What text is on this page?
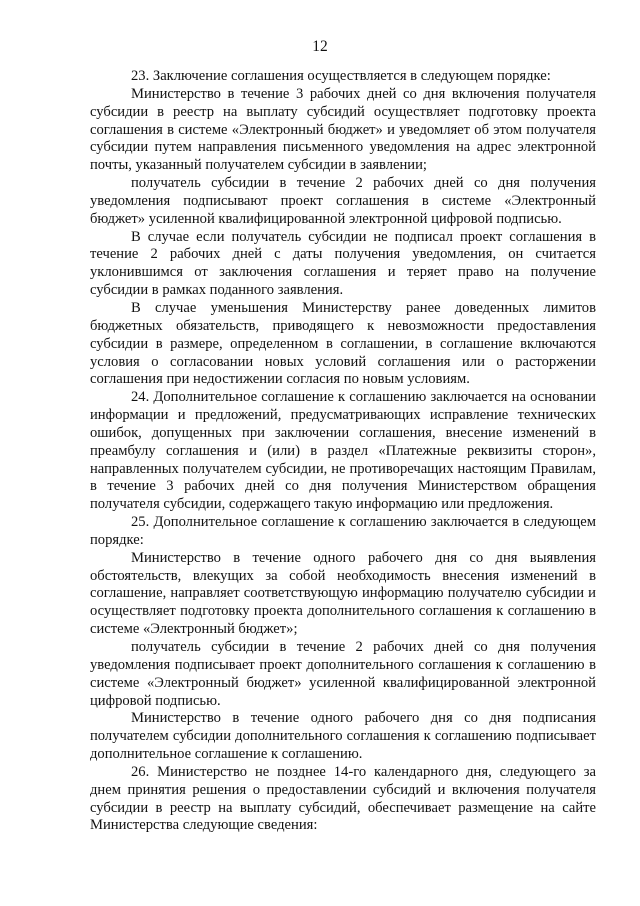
12

23. Заключение соглашения осуществляется в следующем порядке:

Министерство в течение 3 рабочих дней со дня включения получателя субсидии в реестр на выплату субсидий осуществляет подготовку проекта соглашения в системе «Электронный бюджет» и уведомляет об этом получателя субсидии путем направления письменного уведомления на адрес электронной почты, указанный получателем субсидии в заявлении;

получатель субсидии в течение 2 рабочих дней со дня получения уведомления подписывают проект соглашения в системе «Электронный бюджет» усиленной квалифицированной электронной цифровой подписью.

В случае если получатель субсидии не подписал проект соглашения в течение 2 рабочих дней с даты получения уведомления, он считается уклонившимся от заключения соглашения и теряет право на получение субсидии в рамках поданного заявления.

В случае уменьшения Министерству ранее доведенных лимитов бюджетных обязательств, приводящего к невозможности предоставления субсидии в размере, определенном в соглашении, в соглашение включаются условия о согласовании новых условий соглашения или о расторжении соглашения при недостижении согласия по новым условиям.

24. Дополнительное соглашение к соглашению заключается на основании информации и предложений, предусматривающих исправление технических ошибок, допущенных при заключении соглашения, внесение изменений в преамбулу соглашения и (или) в раздел «Платежные реквизиты сторон», направленных получателем субсидии, не противоречащих настоящим Правилам, в течение 3 рабочих дней со дня получения Министерством обращения получателя субсидии, содержащего такую информацию или предложения.

25. Дополнительное соглашение к соглашению заключается в следующем порядке:

Министерство в течение одного рабочего дня со дня выявления обстоятельств, влекущих за собой необходимость внесения изменений в соглашение, направляет соответствующую информацию получателю субсидии и осуществляет подготовку проекта дополнительного соглашения к соглашению в системе «Электронный бюджет»;

получатель субсидии в течение 2 рабочих дней со дня получения уведомления подписывает проект дополнительного соглашения к соглашению в системе «Электронный бюджет» усиленной квалифицированной электронной цифровой подписью.

Министерство в течение одного рабочего дня со дня подписания получателем субсидии дополнительного соглашения к соглашению подписывает дополнительное соглашение к соглашению.

26. Министерство не позднее 14-го календарного дня, следующего за днем принятия решения о предоставлении субсидий и включения получателя субсидии в реестр на выплату субсидий, обеспечивает размещение на сайте Министерства следующие сведения:
